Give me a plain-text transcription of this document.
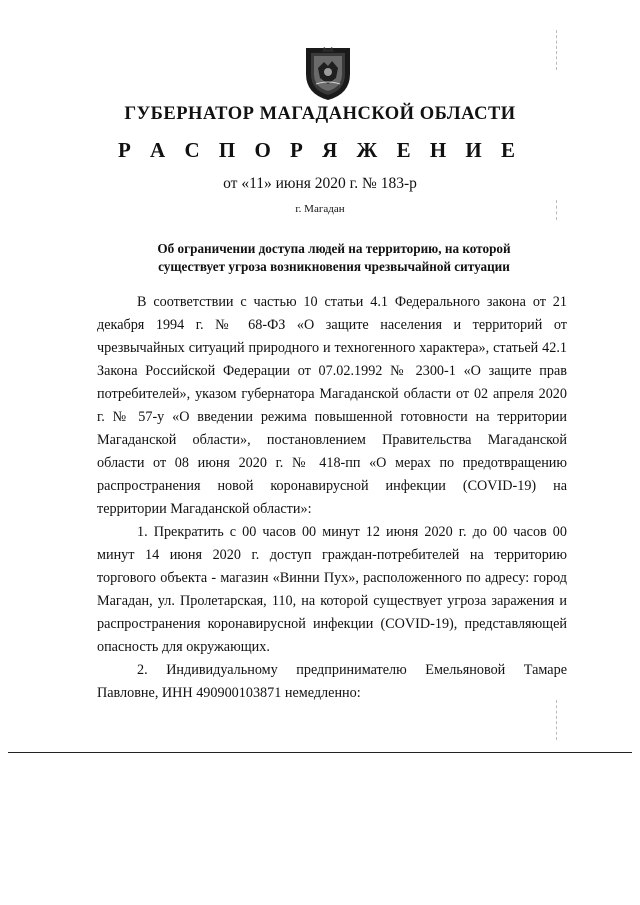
ГУБЕРНАТОР МАГАДАНСКОЙ ОБЛАСТИ
Р А С П О Р Я Ж Е Н И Е
от «11» июня 2020 г. № 183-р
г. Магадан
Об ограничении доступа людей на территорию, на которой
существует угроза возникновения чрезвычайной ситуации

В соответствии с частью 10 статьи 4.1 Федерального закона от 21 декабря 1994 г. № 68-ФЗ «О защите населения и территорий от чрезвычайных ситуаций природного и техногенного характера», статьей 42.1 Закона Российской Федерации от 07.02.1992 № 2300-1 «О защите прав потребителей», указом губернатора Магаданской области от 02 апреля 2020 г. № 57-у «О введении режима повышенной готовности на территории Магаданской области», постановлением Правительства Магаданской области от 08 июня 2020 г. № 418-пп «О мерах по предотвращению распространения новой коронавирусной инфекции (COVID-19) на территории Магаданской области»:

1. Прекратить с 00 часов 00 минут 12 июня 2020 г. до 00 часов 00 минут 14 июня 2020 г. доступ граждан-потребителей на территорию торгового объекта - магазин «Винни Пух», расположенного по адресу: город Магадан, ул. Пролетарская, 110, на которой существует угроза заражения и распространения коронавирусной инфекции (COVID-19), представляющей опасность для окружающих.

2. Индивидуальному предпринимателю Емельяновой Тамаре Павловне, ИНН 490900103871 немедленно:
